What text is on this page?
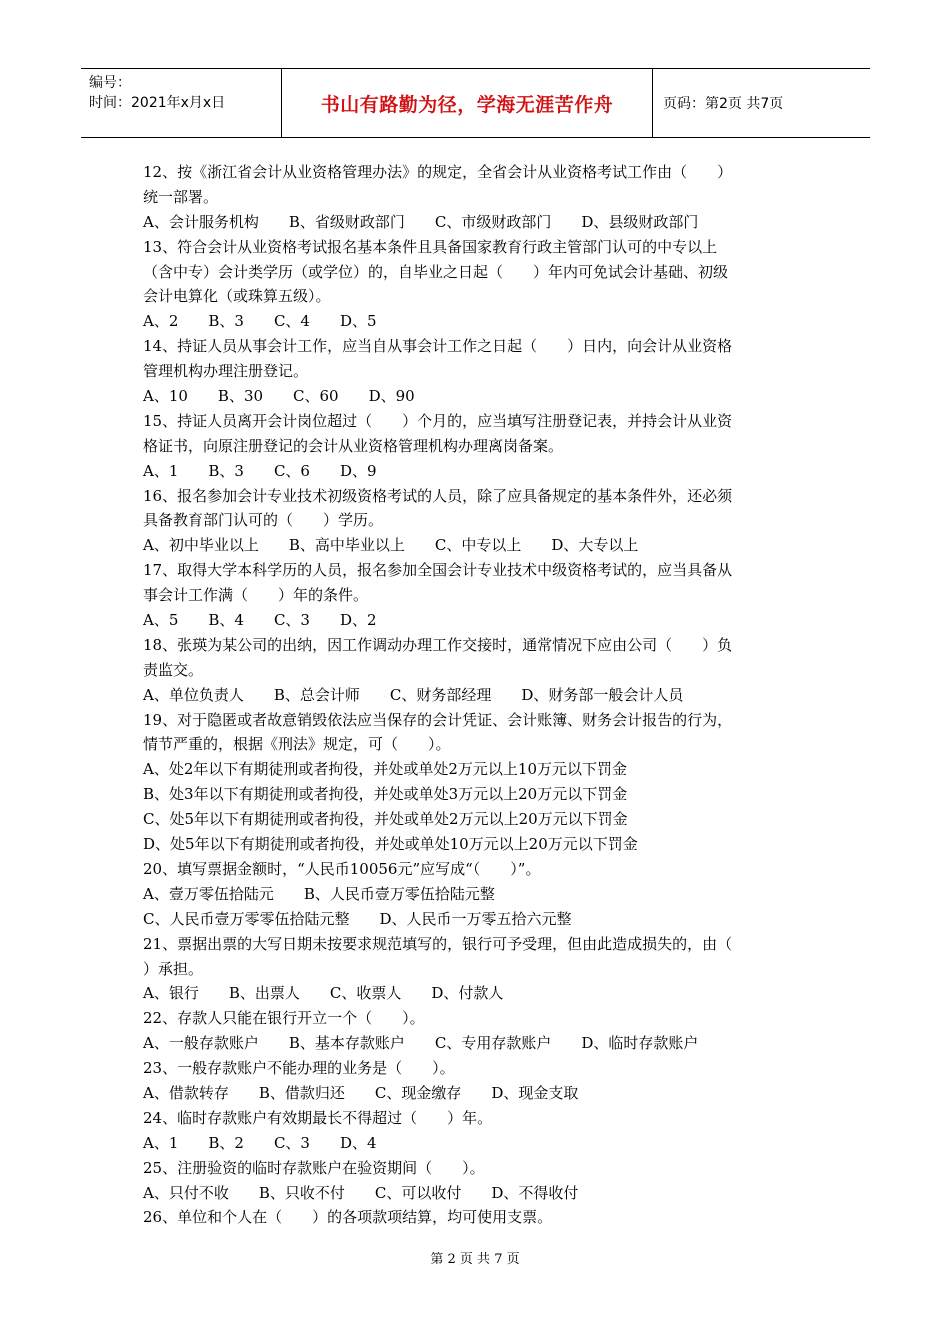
编号：
时间：2021年x月x日	书山有路勤为径，学海无涯苦作舟	页码：第2页 共7页
12、按《浙江省会计从业资格管理办法》的规定，全省会计从业资格考试工作由（　　）
统一部署。
A、会计服务机构　　B、省级财政部门　　C、市级财政部门　　D、县级财政部门
13、符合会计从业资格考试报名基本条件且具备国家教育行政主管部门认可的中专以上
（含中专）会计类学历（或学位）的，自毕业之日起（　　）年内可免试会计基础、初级
会计电算化（或珠算五级）。
A、2　　B、3　　C、4　　D、5
14、持证人员从事会计工作，应当自从事会计工作之日起（　　）日内，向会计从业资格
管理机构办理注册登记。
A、10　　B、30　　C、60　　D、90
15、持证人员离开会计岗位超过（　　）个月的，应当填写注册登记表，并持会计从业资
格证书，向原注册登记的会计从业资格管理机构办理离岗备案。
A、1　　B、3　　C、6　　D、9
16、报名参加会计专业技术初级资格考试的人员，除了应具备规定的基本条件外，还必须
具备教育部门认可的（　　）学历。
A、初中毕业以上　　B、高中毕业以上　　C、中专以上　　D、大专以上
17、取得大学本科学历的人员，报名参加全国会计专业技术中级资格考试的，应当具备从
事会计工作满（　　）年的条件。
A、5　　B、4　　C、3　　D、2
18、张瑛为某公司的出纳，因工作调动办理工作交接时，通常情况下应由公司（　　）负
责监交。
A、单位负责人　　B、总会计师　　C、财务部经理　　D、财务部一般会计人员
19、对于隐匿或者故意销毁依法应当保存的会计凭证、会计账簿、财务会计报告的行为，
情节严重的，根据《刑法》规定，可（　　）。
A、处2年以下有期徒刑或者拘役，并处或单处2万元以上10万元以下罚金
B、处3年以下有期徒刑或者拘役，并处或单处3万元以上20万元以下罚金
C、处5年以下有期徒刑或者拘役，并处或单处2万元以上20万元以下罚金
D、处5年以下有期徒刑或者拘役，并处或单处10万元以上20万元以下罚金
20、填写票据金额时，“人民币10056元”应写成“（　　）”。
A、壹万零伍拾陆元　　B、人民币壹万零伍拾陆元整
C、人民币壹万零零伍拾陆元整　　D、人民币一万零五拾六元整
21、票据出票的大写日期未按要求规范填写的，银行可予受理，但由此造成损失的，由（
）承担。
A、银行　　B、出票人　　C、收票人　　D、付款人
22、存款人只能在银行开立一个（　　）。
A、一般存款账户　　B、基本存款账户　　C、专用存款账户　　D、临时存款账户
23、一般存款账户不能办理的业务是（　　）。
A、借款转存　　B、借款归还　　C、现金缴存　　D、现金支取
24、临时存款账户有效期最长不得超过（　　）年。
A、1　　B、2　　C、3　　D、4
25、注册验资的临时存款账户在验资期间（　　）。
A、只付不收　　B、只收不付　　C、可以收付　　D、不得收付
26、单位和个人在（　　）的各项款项结算，均可使用支票。
第 2 页 共 7 页
